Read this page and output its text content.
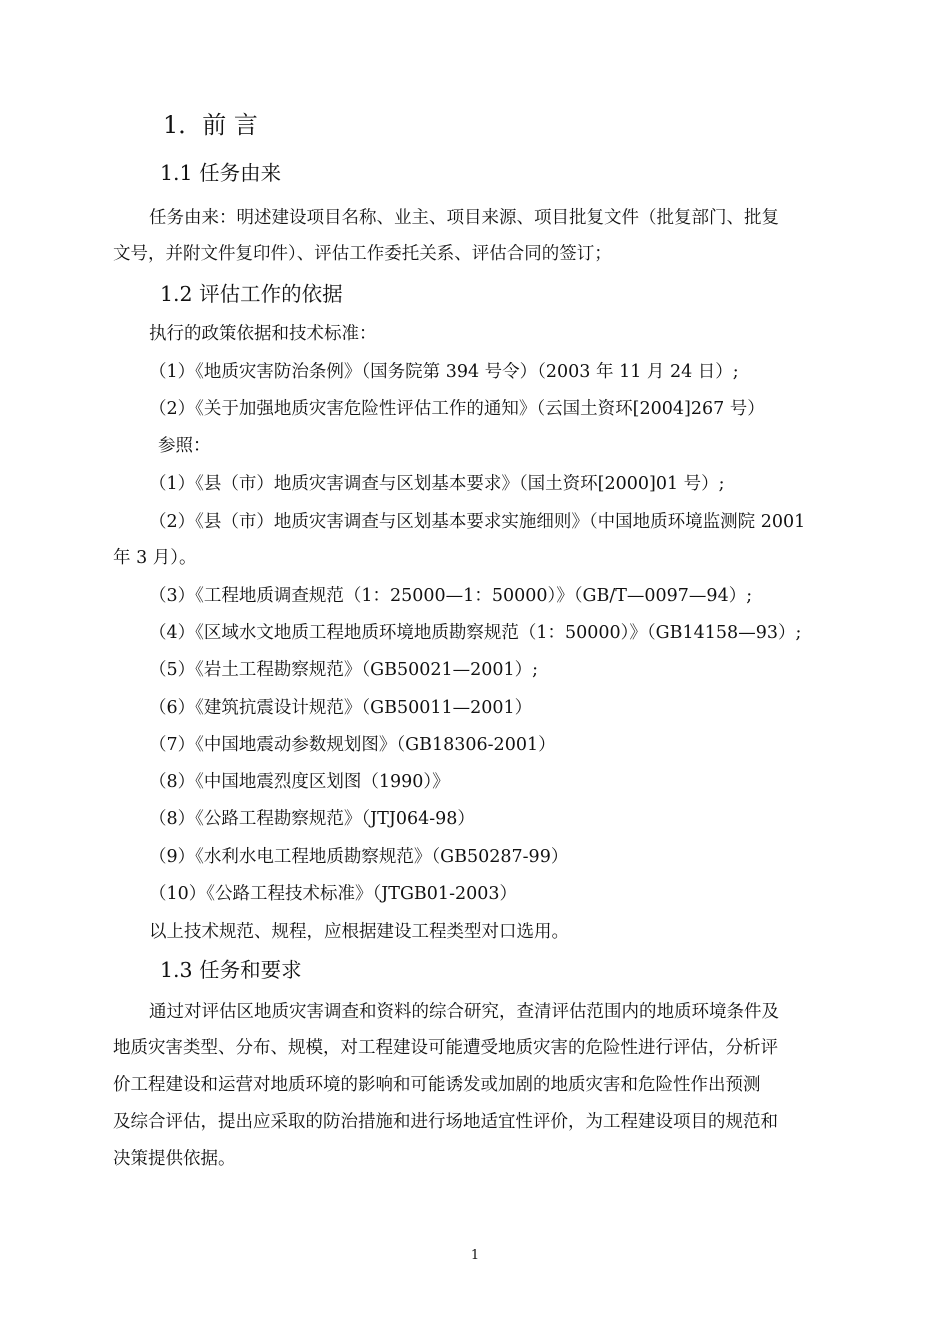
1．前 言
1.1 任务由来
任务由来：明述建设项目名称、业主、项目来源、项目批复文件（批复部门、批复
文号，并附文件复印件）、评估工作委托关系、评估合同的签订；
1.2 评估工作的依据
执行的政策依据和技术标准：
（1）《地质灾害防治条例》（国务院第 394 号令）（2003 年 11 月 24 日）;
（2）《关于加强地质灾害危险性评估工作的通知》（云国土资环[2004]267 号）
参照：
（1）《县（市）地质灾害调查与区划基本要求》（国土资环[2000]01 号）;
（2）《县（市）地质灾害调查与区划基本要求实施细则》（中国地质环境监测院 2001
年 3 月）。
（3）《工程地质调查规范（1：25000—1：50000）》（GB/T—0097—94）;
（4）《区域水文地质工程地质环境地质勘察规范（1：50000）》（GB14158—93）;
（5）《岩土工程勘察规范》（GB50021—2001）;
（6）《建筑抗震设计规范》（GB50011—2001）
（7）《中国地震动参数规划图》（GB18306-2001）
（8）《中国地震烈度区划图（1990）》
（8）《公路工程勘察规范》（JTJ064-98）
（9）《水利水电工程地质勘察规范》（GB50287-99）
（10）《公路工程技术标准》（JTGB01-2003）
以上技术规范、规程，应根据建设工程类型对口选用。
1.3 任务和要求
通过对评估区地质灾害调查和资料的综合研究，查清评估范围内的地质环境条件及
地质灾害类型、分布、规模，对工程建设可能遭受地质灾害的危险性进行评估，分析评
价工程建设和运营对地质环境的影响和可能诱发或加剧的地质灾害和危险性作出预测
及综合评估，提出应采取的防治措施和进行场地适宜性评价，为工程建设项目的规范和
决策提供依据。
1
